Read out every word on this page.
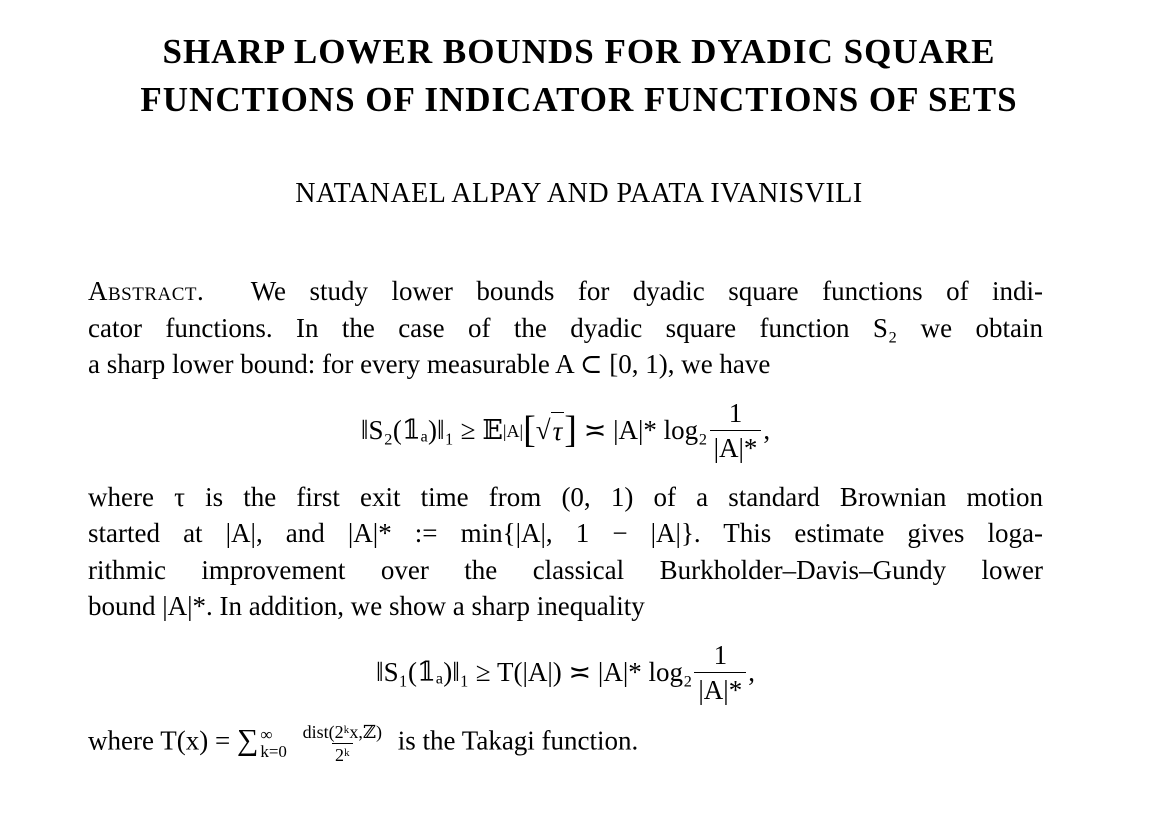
SHARP LOWER BOUNDS FOR DYADIC SQUARE
FUNCTIONS OF INDICATOR FUNCTIONS OF SETS
NATANAEL ALPAY AND PAATA IVANISVILI
Abstract. We study lower bounds for dyadic square functions of indi-
cator functions. In the case of the dyadic square function S₂ we obtain
a sharp lower bound: for every measurable A ⊂ [0, 1), we have
‖S₂(𝟙ₐ)‖₁ ≥ 𝔼 |A| [ √ τ ]
≍ |A|* $\log_2 \frac{1}{|A|*}$ ,
where τ is the first exit time from (0, 1) of a standard Brownian motion
started at |A|, and |A|* := min{|A|, 1 − |A|}. This estimate gives loga-
rithmic improvement over the classical Burkholder–Davis–Gundy lower
bound |A|*. In addition, we show a sharp inequality
‖S₁(𝟙ₐ)‖₁ ≥ T(|A|) ≍ |A|* $\log_2 \frac{1}{|A|*}$ ,
where T(x) = ∑ ∞
k=0
$\frac{\text{dist(2ᵏx,ℤ)}}{\text{2ᵏ}}$ is the Takagi function.
